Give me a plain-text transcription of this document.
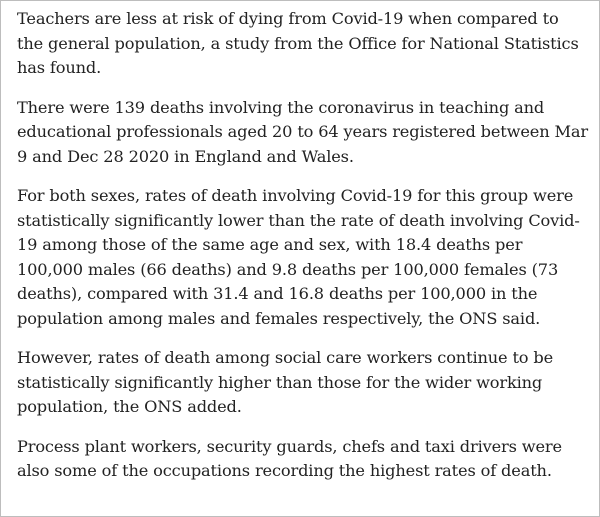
Teachers are less at risk of dying from Covid-19 when compared to the general population, a study from the Office for National Statistics has found.

There were 139 deaths involving the coronavirus in teaching and educational professionals aged 20 to 64 years registered between Mar 9 and Dec 28 2020 in England and Wales.

For both sexes, rates of death involving Covid-19 for this group were statistically significantly lower than the rate of death involving Covid-19 among those of the same age and sex, with 18.4 deaths per 100,000 males (66 deaths) and 9.8 deaths per 100,000 females (73 deaths), compared with 31.4 and 16.8 deaths per 100,000 in the population among males and females respectively, the ONS said.

However, rates of death among social care workers continue to be statistically significantly higher than those for the wider working population, the ONS added.

Process plant workers, security guards, chefs and taxi drivers were also some of the occupations recording the highest rates of death.
